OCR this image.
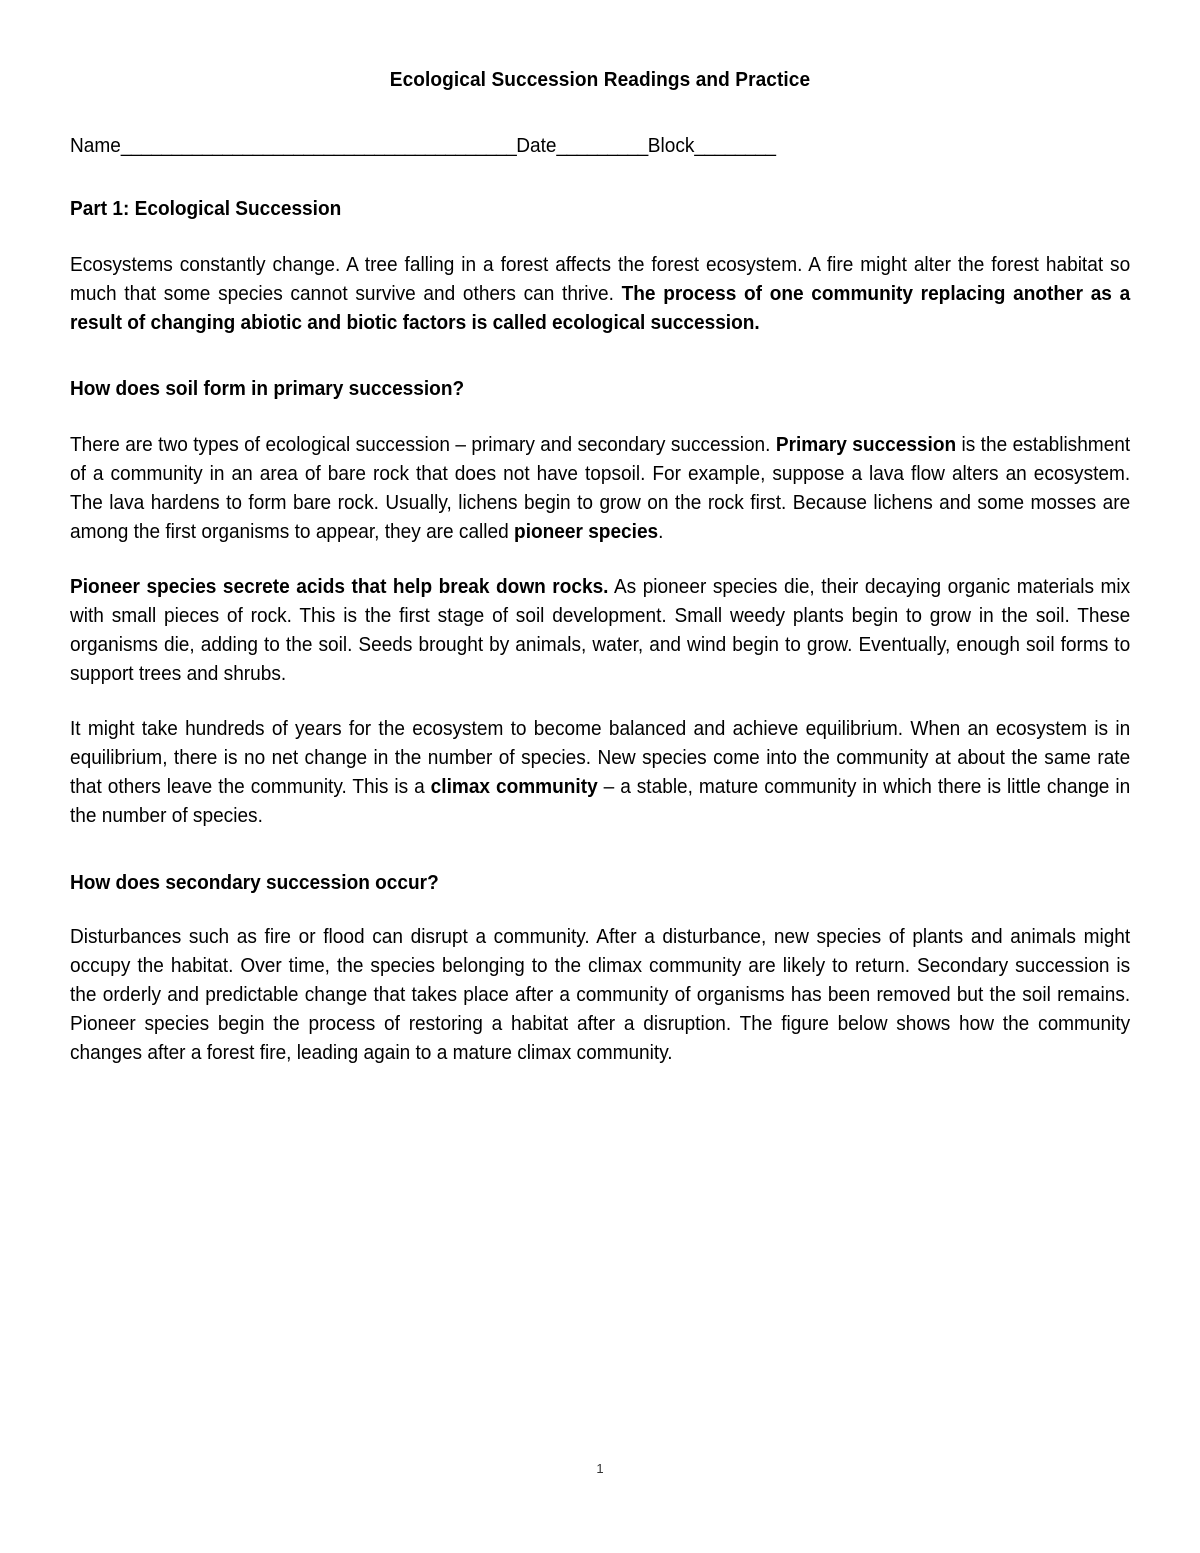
Ecological Succession Readings and Practice
Name_______________________________________Date_________Block________
Part 1: Ecological Succession

Ecosystems constantly change. A tree falling in a forest affects the forest ecosystem. A fire might alter the forest habitat so much that some species cannot survive and others can thrive. The process of one community replacing another as a result of changing abiotic and biotic factors is called ecological succession.

How does soil form in primary succession?

There are two types of ecological succession – primary and secondary succession. Primary succession is the establishment of a community in an area of bare rock that does not have topsoil. For example, suppose a lava flow alters an ecosystem. The lava hardens to form bare rock. Usually, lichens begin to grow on the rock first. Because lichens and some mosses are among the first organisms to appear, they are called pioneer species.

Pioneer species secrete acids that help break down rocks. As pioneer species die, their decaying organic materials mix with small pieces of rock. This is the first stage of soil development. Small weedy plants begin to grow in the soil. These organisms die, adding to the soil. Seeds brought by animals, water, and wind begin to grow. Eventually, enough soil forms to support trees and shrubs.

It might take hundreds of years for the ecosystem to become balanced and achieve equilibrium. When an ecosystem is in equilibrium, there is no net change in the number of species. New species come into the community at about the same rate that others leave the community. This is a climax community – a stable, mature community in which there is little change in the number of species.

How does secondary succession occur?

Disturbances such as fire or flood can disrupt a community. After a disturbance, new species of plants and animals might occupy the habitat. Over time, the species belonging to the climax community are likely to return. Secondary succession is the orderly and predictable change that takes place after a community of organisms has been removed but the soil remains. Pioneer species begin the process of restoring a habitat after a disruption. The figure below shows how the community changes after a forest fire, leading again to a mature climax community.

1
